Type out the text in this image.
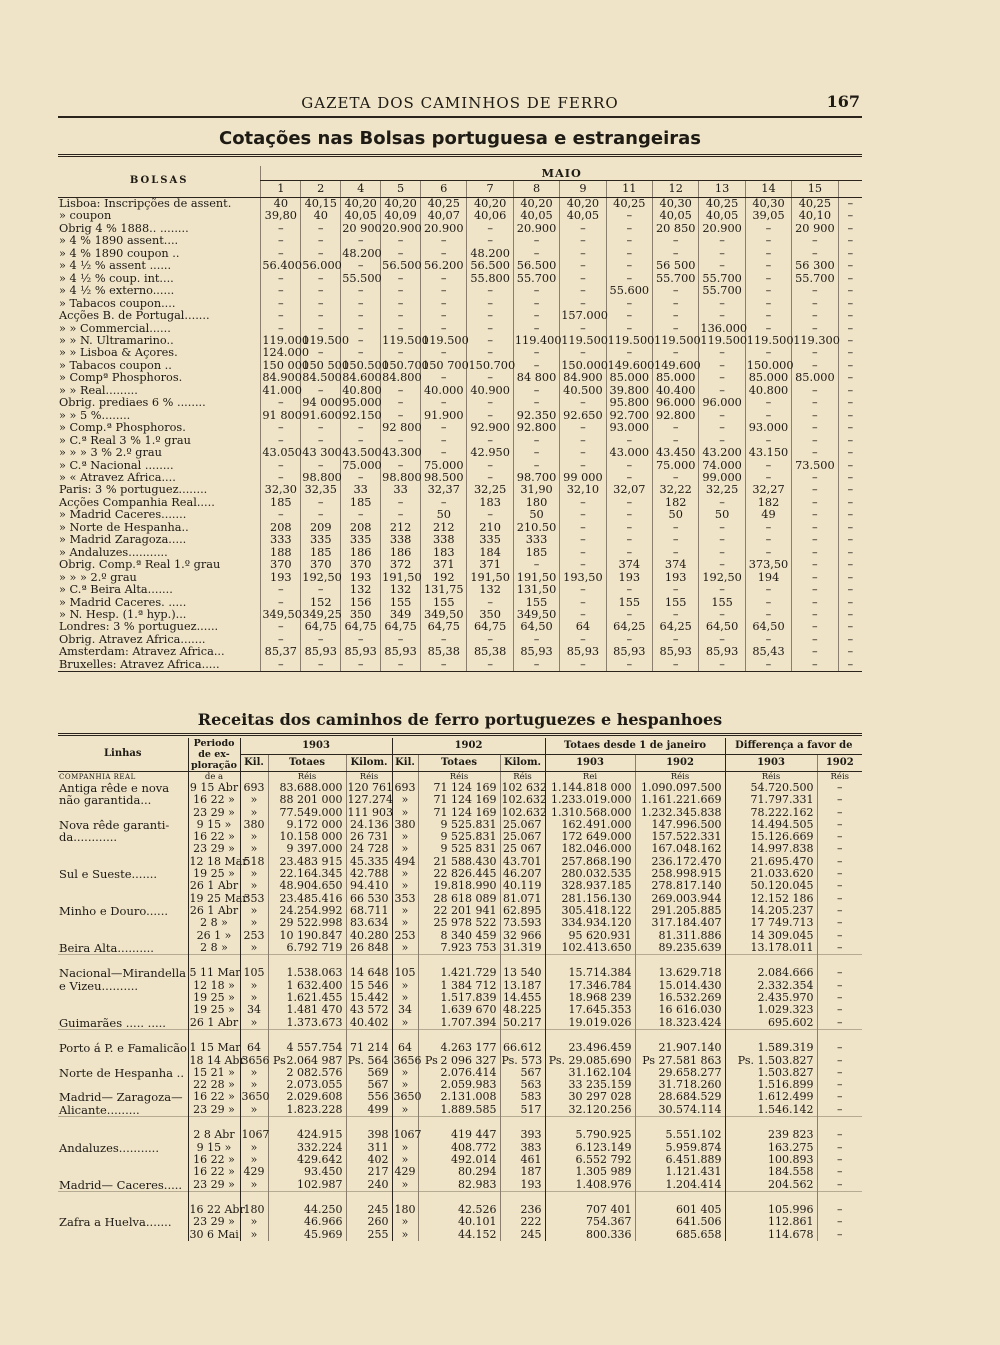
GAZETA DOS CAMINHOS DE FERRO	167
Cotações nas Bolsas portuguesa e estrangeiras
BOLSAS	MAIO													
	1	2	4	5	6	7	8	9	11	12	13	14	15	
Lisboa: Inscripções de assent.	40	40,15	40,20	40,20	40,25	40,20	40,20	40,20	40,25	40,30	40,25	40,30	40,25	–
» coupon	39,80	40	40,05	40,09	40,07	40,06	40,05	40,05	–	40,05	40,05	39,05	40,10	–
Obrig 4 % 1888.. ........	–	–	20 900	20.900	20.900	–	20.900	–	–	20 850	20.900	–	20 900	–
» 4 % 1890 assent....	–	–	–	–	–	–	–	–	–	–	–	–	–	–
» 4 % 1890 coupon ..	–	–	48.200	–	–	48.200	–	–	–	–	–	–	–	–
» 4 ½ % assent ......	56.400	56.000	–	56.500	56.200	56.500	56.500	–	–	56 500	–	–	56 300	–
» 4 ½ % coup. int....	–	–	55.500	–	–	55.800	55.700	–	–	55.700	55.700	–	55.700	–
» 4 ½ % externo......	–	–	–	–	–	–	–	–	55.600	–	55.700	–	–	–
» Tabacos coupon....	–	–	–	–	–	–	–	–	–	–	–	–	–	–
Acções B. de Portugal.......	–	–	–	–	–	–	–	157.000	–	–	–	–	–	–
» » Commercial......	–	–	–	–	–	–	–	–	–	–	136.000	–	–	–
» » N. Ultramarino..	119.000	119.500	–	119.500	119.500	–	119.400	119.500	119.500	119.500	119.500	119.500	119.300	–
» » Lisboa & Açores.	124.000	–	–	–	–	–	–	–	–	–	–	–	–	–
» Tabacos coupon ..	150 000	150 500	150.500	150.700	150 700	150.700	–	150.000	149.600	149.600	–	150.000	–	–
» Compª Phosphoros.	84.900	84.500	84.600	84.800	–	–	84 800	84.900	85.000	85.000	–	85.000	85.000	–
» » Real.........	41.000	–	40.800	–	40.000	40.900	–	40.500	39.800	40.400	–	40.800	–	–
Obrig. prediaes 6 % ........	–	94 000	95.000	–	–	–	–	–	95.800	96.000	96.000	–	–	–
» » 5 %........	91 800	91.600	92.150	–	91.900	–	92.350	92.650	92.700	92.800	–	–	–	–
» Comp.ª Phosphoros.	–	–	–	92 800	–	92.900	92.800	–	93.000	–	–	93.000	–	–
» C.ª Real 3 % 1.º grau	–	–	–	–	–	–	–	–	–	–	–	–	–	–
» » » 3 % 2.º grau	43.050	43 300	43.500	43.300	–	42.950	–	–	43.000	43.450	43.200	43.150	–	–
» C.ª Nacional ........	–	–	75.000	–	75.000	–	–	–	–	75.000	74.000	–	73.500	–
» « Atravez Africa....	–	98.800	–	98.800	98.500	–	98.700	99 000	–	–	99.000	–	–	–
Paris: 3 % portuguez........	32,30	32,35	33	33	32,37	32,25	31,90	32,10	32,07	32,22	32,25	32,27	–	–
Acções Companhia Real.....	185	–	185	–	–	183	180	–	–	182	–	182	–	–
» Madrid Caceres.......	–	–	–	–	50	–	50	–	–	50	50	49	–	–
» Norte de Hespanha..	208	209	208	212	212	210	210.50	–	–	–	–	–	–	–
» Madrid Zaragoza.....	333	335	335	338	338	335	333	–	–	–	–	–	–	–
» Andaluzes...........	188	185	186	186	183	184	185	–	–	–	–	–	–	–
Obrig. Comp.ª Real 1.º grau	370	370	370	372	371	371	–	–	374	374	–	373,50	–	–
» » » 2.º grau	193	192,50	193	191,50	192	191,50	191,50	193,50	193	193	192,50	194	–	–
» C.ª Beira Alta.......	–	–	132	132	131,75	132	131,50	–	–	–	–	–	–	–
» Madrid Caceres. .....	–	152	156	155	155	–	155	–	155	155	155	–	–	–
» N. Hesp. (1.ª hyp.)...	349,50	349,25	350	349	349,50	350	349,50	–	–	–	–	–	–	–
Londres: 3 % portuguez......	–	64,75	64,75	64,75	64,75	64,75	64,50	64	64,25	64,25	64,50	64,50	–	–
Obrig. Atravez Africa.......	–	–	–	–	–	–	–	–	–	–	–	–	–	–
Amsterdam: Atravez Africa...	85,37	85,93	85,93	85,93	85,38	85,38	85,93	85,93	85,93	85,93	85,93	85,43	–	–
Bruxelles: Atravez Africa.....	–	–	–	–	–	–	–	–	–	–	–	–	–	–
Receitas dos caminhos de ferro portuguezes e hespanhoes
Linhas	Periodo de ex-ploração	1903			1902			Totaes desde 1 de janeiro		Differença a favor de	
		Kil.	Totaes	Kilom.	Kil.	Totaes	Kilom.	1903	1902	1903	1902
COMPANHIA REAL	de a		Réis	Réis		Réis	Réis	Rei	Réis	Réis	Réis
Antiga rêde e nova	9 15 Abr	693	83.688.000	120 761	693	71 124 169	102 632	1.144.818 000	1.090.097.500	54.720.500	–
não garantida...	16 22 »	»	88 201 000	127.274	»	71 124 169	102.632	1.233.019.000	1.161.221.669	71.797.331	–
	23 29 »	»	77.549.000	111 903	»	71 124 169	102.632	1.310.568.000	1.232.345.838	78.222.162	–
Nova rêde garanti-	9 15 »	380	9.172 000	24.136	380	9 525.831	25.067	162.491.000	147.996.500	14.494.505	–
da............	16 22 »	»	10.158 000	26 731	»	9 525.831	25.067	172 649.000	157.522.331	15.126.669	–
	23 29 »	»	9 397.000	24 728	»	9 525 831	25 067	182.046.000	167.048.162	14.997.838	–
	12 18 Mar	518	23.483 915	45.335	494	21 588.430	43.701	257.868.190	236.172.470	21.695.470	–
Sul e Sueste.......	19 25 »	»	22.164.345	42.788	»	22 826.445	46.207	280.032.535	258.998.915	21.033.620	–
	26 1 Abr	»	48.904.650	94.410	»	19.818.990	40.119	328.937.185	278.817.140	50.120.045	–
	19 25 Mar	353	23.485.416	66 530	353	28 618 089	81.071	281.156.130	269.003.944	12.152 186	–
Minho e Douro......	26 1 Abr	»	24.254.992	68.711	»	22 201 941	62.895	305.418.122	291.205.885	14.205.237	–
	2 8 »	»	29 522.998	83.634	»	25 978 522	73.593	334.934.120	317.184.407	17 749.713	–
	26 1 »	253	10 190.847	40.280	253	8 340 459	32 966	95 620.931	81.311.886	14 309.045	–
Beira Alta..........	2 8 »	»	6.792 719	26 848	»	7.923 753	31.319	102.413.650	89.235.639	13.178.011	–

Nacional—Mirandella	5 11 Mar	105	1.538.063	14 648	105	1.421.729	13 540	15.714.384	13.629.718	2.084.666	–
e Vizeu..........	12 18 »	»	1 632.400	15 546	»	1 384 712	13.187	17.346.784	15.014.430	2.332.354	–
	19 25 »	»	1.621.455	15.442	»	1.517.839	14.455	18.968 239	16.532.269	2.435.970	–
	19 25 »	34	1.481 470	43 572	34	1.639 670	48.225	17.645.353	16 616.030	1.029.323	–
Guimarães ..... .....	26 1 Abr	»	1.373.673	40.402	»	1.707.394	50.217	19.019.026	18.323.424	695.602	–

Porto á P. e Famalicão	1 15 Mar	64	4 557.754	71 214	64	4.263 177	66.612	23.496.459	21.907.140	1.589.319	–
	18 14 Abr	3656 Ps	2.064 987	Ps. 564	3656 Ps	2 096 327	Ps. 573	Ps. 29.085.690	Ps 27.581 863	Ps. 1.503.827	–
Norte de Hespanha ..	15 21 »	»	2 082.576	569	»	2.076.414	567	31.162.104	29.658.277	1.503.827	–
	22 28 »	»	2.073.055	567	»	2.059.983	563	33 235.159	31.718.260	1.516.899	–
Madrid— Zaragoza—	16 22 »	3650	2.029.608	556	3650	2.131.008	583	30 297 028	28.684.529	1.612.499	–
Alicante.........	23 29 »	»	1.823.228	499	»	1.889.585	517	32.120.256	30.574.114	1.546.142	–

	2 8 Abr	1067	424.915	398	1067	419 447	393	5.790.925	5.551.102	239 823	–
Andaluzes...........	9 15 »	»	332.224	311	»	408.772	383	6.123.149	5.959.874	163.275	–
	16 22 »	»	429.642	402	»	492.014	461	6.552 792	6.451.889	100.893	–
	16 22 »	429	93.450	217	429	80.294	187	1.305 989	1.121.431	184.558	–
Madrid— Caceres.....	23 29 »	»	102.987	240	»	82.983	193	1.408.976	1.204.414	204.562	–

	16 22 Abr	180	44.250	245	180	42.526	236	707 401	601 405	105.996	–
Zafra a Huelva.......	23 29 »	»	46.966	260	»	40.101	222	754.367	641.506	112.861	–
	30 6 Mai	»	45.969	255	»	44.152	245	800.336	685.658	114.678	–
